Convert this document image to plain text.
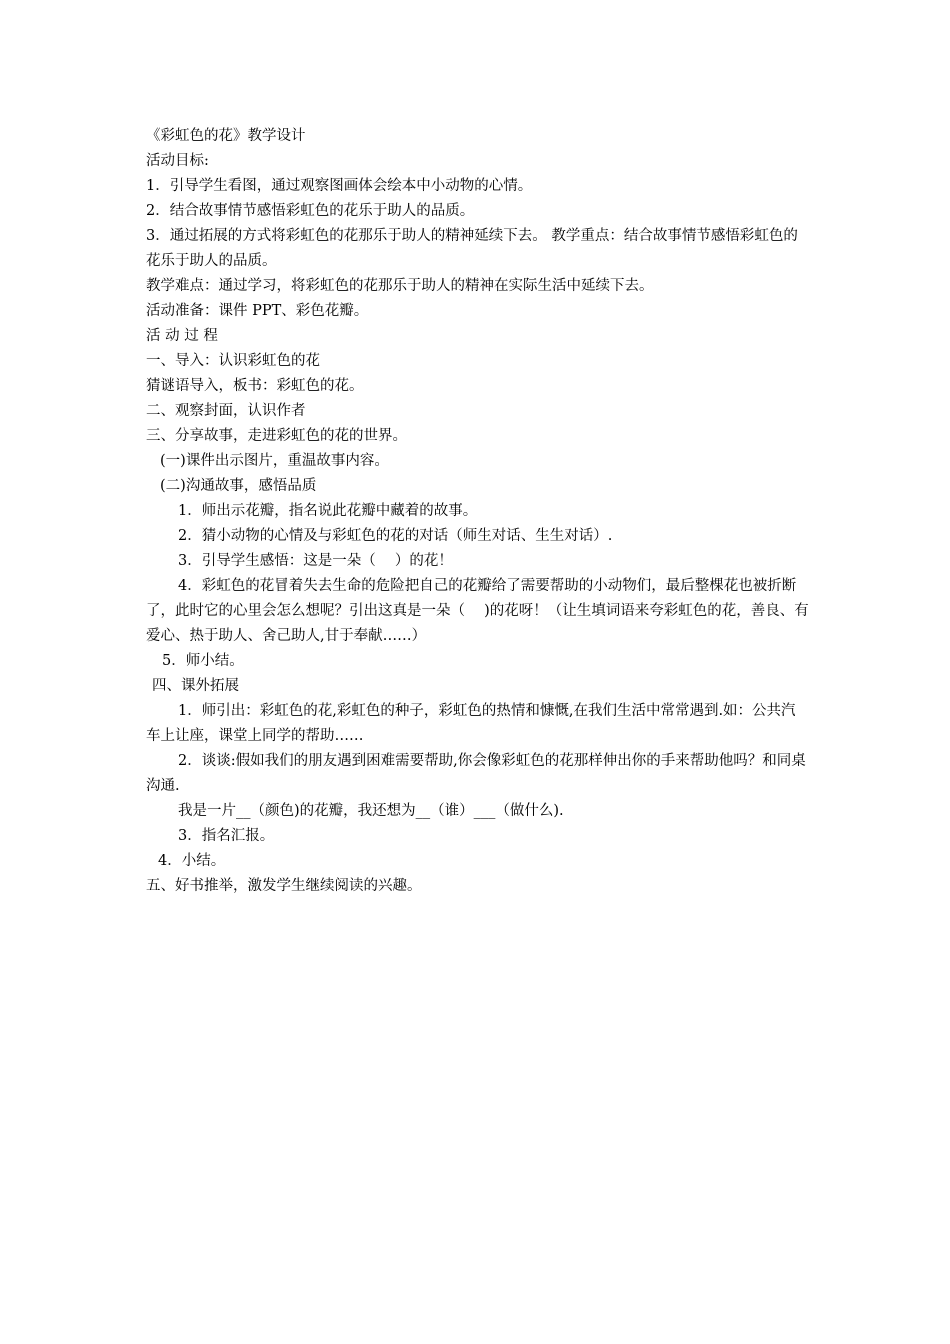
《彩虹色的花》教学设计

活动目标:

1．引导学生看图，通过观察图画体会绘本中小动物的心情。

2．结合故事情节感悟彩虹色的花乐于助人的品质。

3．通过拓展的方式将彩虹色的花那乐于助人的精神延续下去。 教学重点：结合故事情节感悟彩虹色的花乐于助人的品质。

教学难点：通过学习，将彩虹色的花那乐于助人的精神在实际生活中延续下去。

活动准备：课件 PPT、彩色花瓣。

活 动 过 程

一、导入：认识彩虹色的花

猜谜语导入，板书：彩虹色的花。

二、观察封面，认识作者

三、分享故事，走进彩虹色的花的世界。

(一)课件出示图片，重温故事内容。

(二)沟通故事，感悟品质

1．师出示花瓣，指名说此花瓣中藏着的故事。

2．猜小动物的心情及与彩虹色的花的对话（师生对话、生生对话）.

3．引导学生感悟：这是一朵（　 ）的花！

4．彩虹色的花冒着失去生命的危险把自己的花瓣给了需要帮助的小动物们，最后整棵花也被折断了，此时它的心里会怎么想呢？引出这真是一朵（　 )的花呀！（让生填词语来夸彩虹色的花，善良、有爱心、热于助人、舍己助人,甘于奉献……）

5．师小结。

四、课外拓展

1．师引出：彩虹色的花,彩虹色的种子，彩虹色的热情和慷慨,在我们生活中常常遇到.如：公共汽车上让座，课堂上同学的帮助……

2．谈谈:假如我们的朋友遇到困难需要帮助,你会像彩虹色的花那样伸出你的手来帮助他吗？和同桌沟通.

我是一片__（颜色)的花瓣，我还想为__（谁）___（做什么).

3．指名汇报。

4．小结。

五、好书推举，激发学生继续阅读的兴趣。
